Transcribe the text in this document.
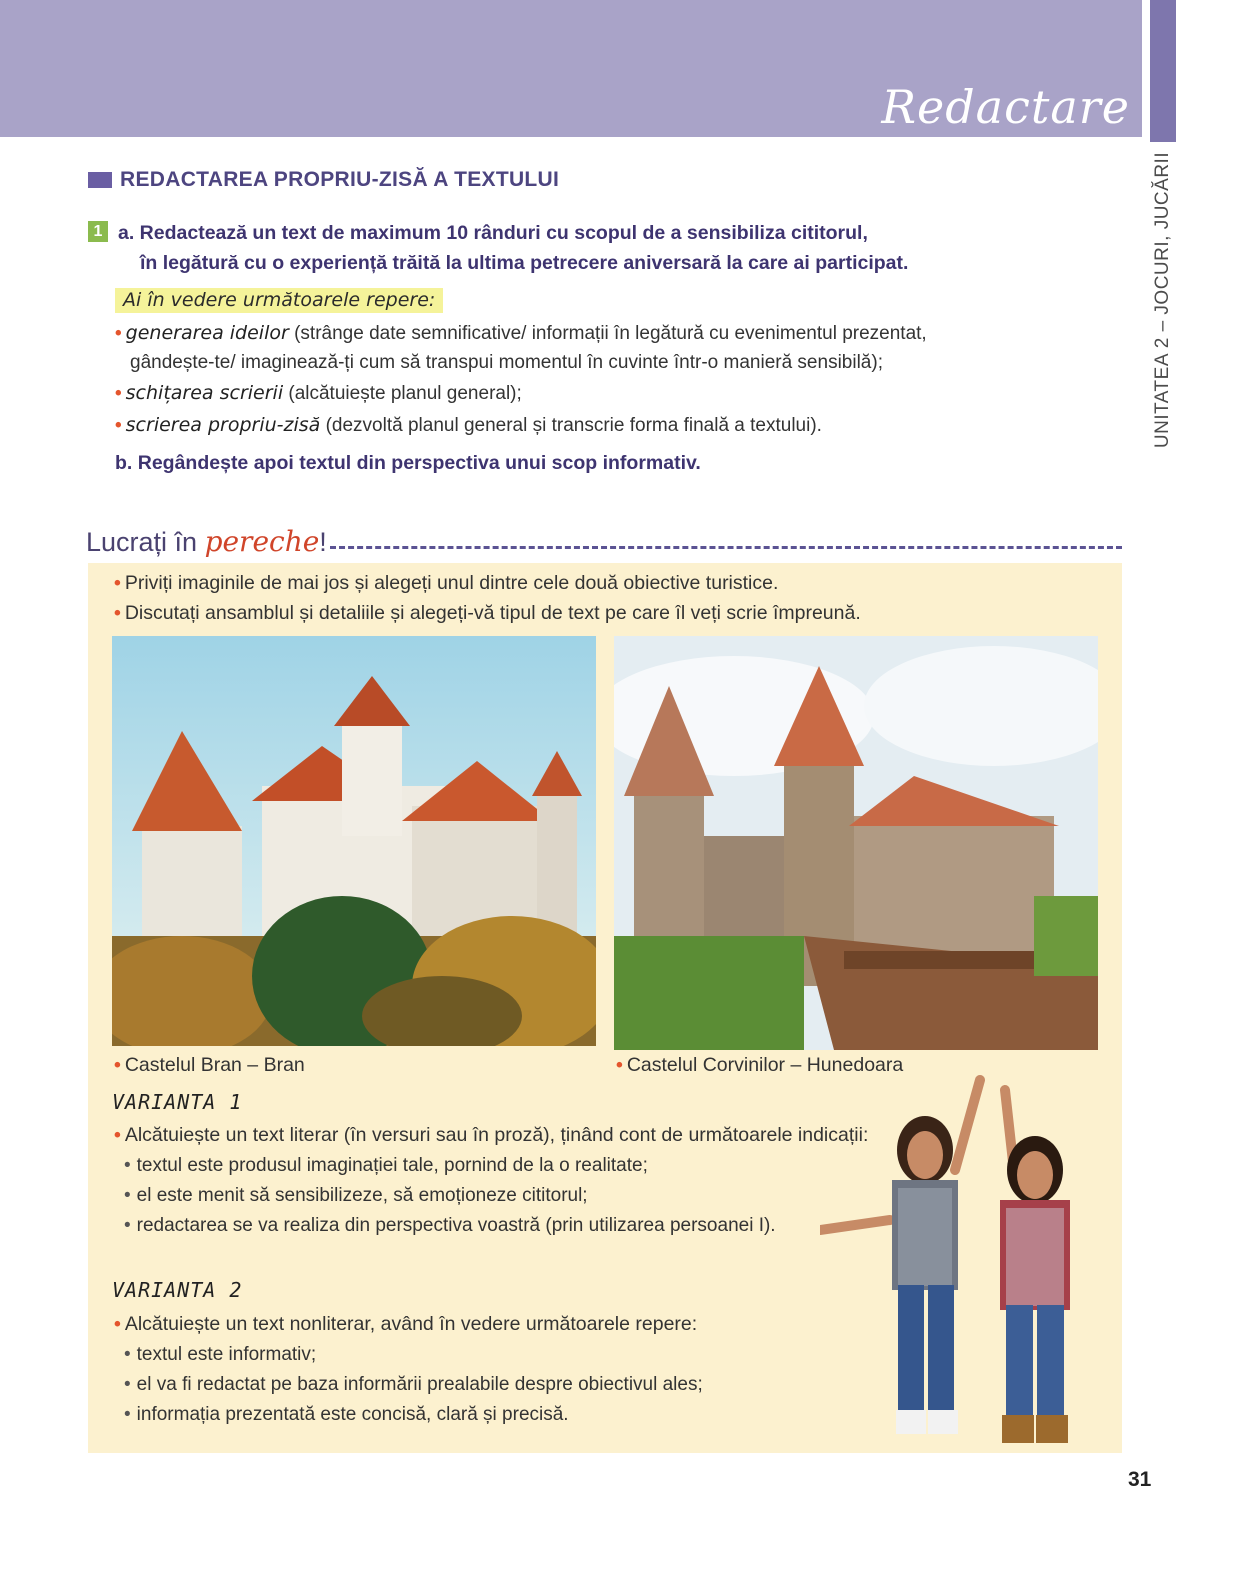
Redactare
UNITATEA 2 – JOCURI, JUCĂRII
REDACTAREA PROPRIU-ZISĂ A TEXTULUI
1 a. Redactează un text de maximum 10 rânduri cu scopul de a sensibiliza cititorul,
în legătură cu o experiență trăită la ultima petrecere aniversară la care ai participat.
Ai în vedere următoarele repere:
• generarea ideilor (strânge date semnificative/ informații în legătură cu evenimentul prezentat,
gândește-te/ imaginează-ți cum să transpui momentul în cuvinte într-o manieră sensibilă);
• schițarea scrierii (alcătuiește planul general);
• scrierea propriu-zisă (dezvoltă planul general și transcrie forma finală a textului).
b. Regândește apoi textul din perspectiva unui scop informativ.
Lucrați în pereche!
• Priviți imaginile de mai jos și alegeți unul dintre cele două obiective turistice.
• Discutați ansamblul și detaliile și alegeți-vă tipul de text pe care îl veți scrie împreună.
• Castelul Bran – Bran	• Castelul Corvinilor – Hunedoara
VARIANTA 1
• Alcătuiește un text literar (în versuri sau în proză), ținând cont de următoarele indicații:
• textul este produsul imaginației tale, pornind de la o realitate;
• el este menit să sensibilizeze, să emoționeze cititorul;
• redactarea se va realiza din perspectiva voastră (prin utilizarea persoanei I).
VARIANTA 2
• Alcătuiește un text nonliterar, având în vedere următoarele repere:
• textul este informativ;
• el va fi redactat pe baza informării prealabile despre obiectivul ales;
• informația prezentată este concisă, clară și precisă.
31
